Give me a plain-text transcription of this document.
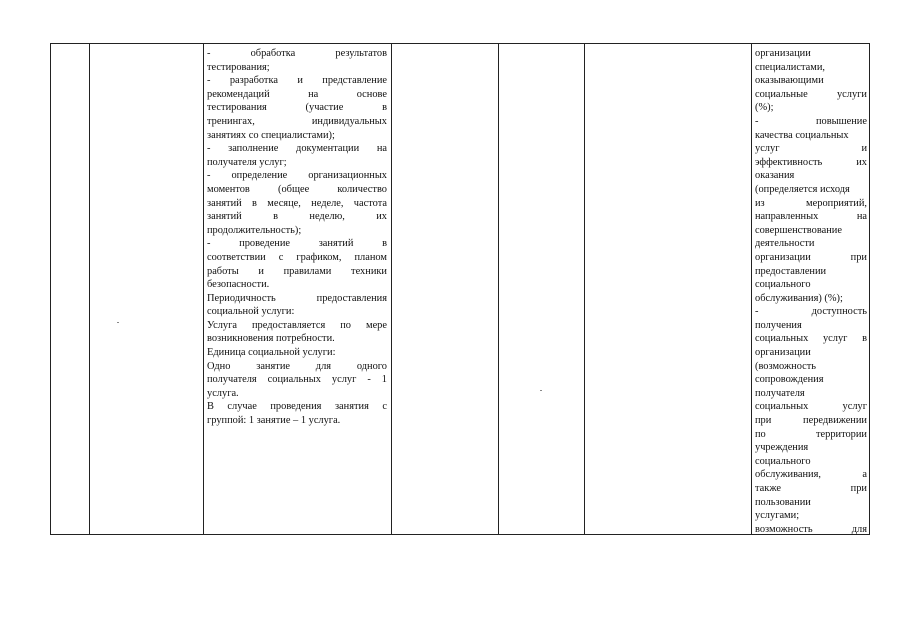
- обработка результатов
тестирования;
- разработка и представление
рекомендаций на основе
тестирования (участие в
тренингах, индивидуальных
занятиях со специалистами);
- заполнение документации на
получателя услуг;
- определение организационных
моментов (общее количество
занятий в месяце, неделе, частота
занятий в неделю, их
продолжительность);
- проведение занятий в
соответствии с графиком, планом
работы и правилами техники
безопасности.
Периодичность предоставления
социальной услуги:
Услуга предоставляется по мере
возникновения потребности.
Единица социальной услуги:
Одно занятие для одного
получателя социальных услуг - 1
услуга.
В случае проведения занятия с
группой: 1 занятие – 1 услуга.
организации
специалистами,
оказывающими
социальные услуги
(%);
- повышение
качества социальных
услуг и
эффективность их
оказания
(определяется исходя
из мероприятий,
направленных на
совершенствование
деятельности
организации при
предоставлении
социального
обслуживания) (%);
- доступность
получения
социальных услуг в
организации
(возможность
сопровождения
получателя
социальных услуг
при передвижении
по территории
учреждения
социального
обслуживания, а
также при
пользовании
услугами;
возможность для
